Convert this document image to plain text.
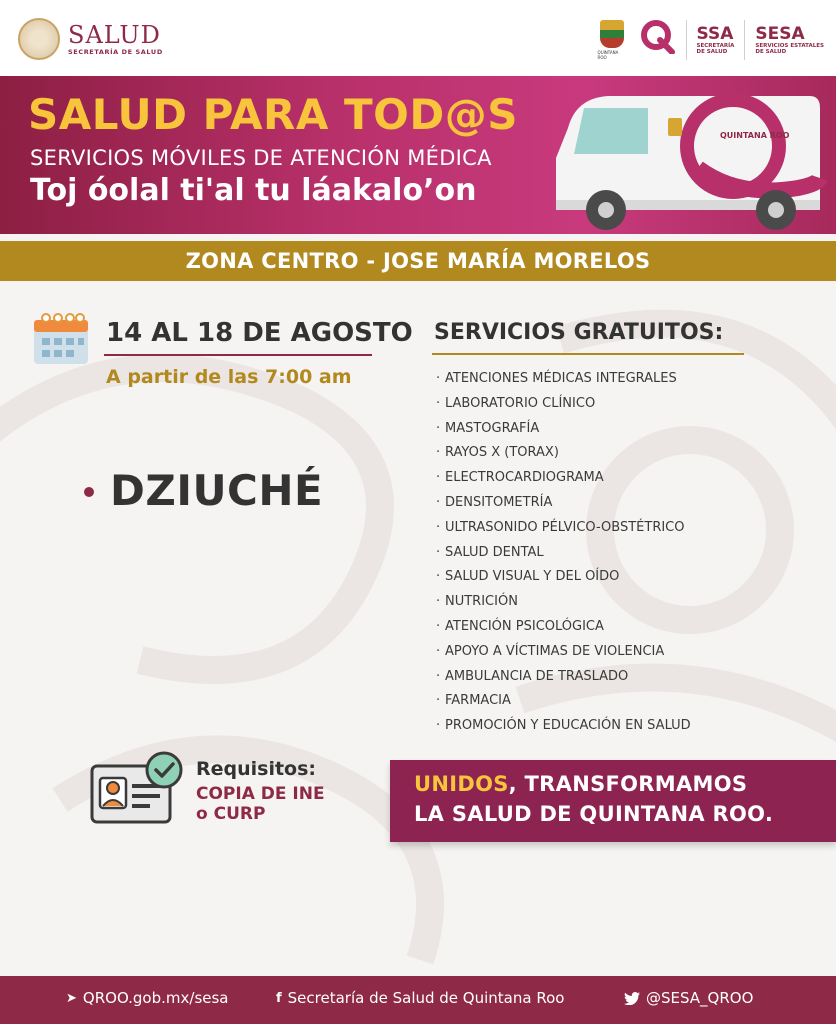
SALUD
SECRETARÍA DE SALUD	QUINTANA ROO
SSA
SECRETARÍA
DE SALUD
SESA
SERVICIOS ESTATALES
DE SALUD
SALUD PARA TOD@S
SERVICIOS MÓVILES DE ATENCIÓN MÉDICA
Toj óolal ti'al tu láakalo’on
QUINTANA ROO
ZONA CENTRO - JOSE MARÍA MORELOS
14 AL 18 DE AGOSTO
A partir de las 7:00 am
DZIUCHÉ
SERVICIOS GRATUITOS:
· ATENCIONES MÉDICAS INTEGRALES
· LABORATORIO CLÍNICO
· MASTOGRAFÍA
· RAYOS X (TORAX)
· ELECTROCARDIOGRAMA
· DENSITOMETRÍA
· ULTRASONIDO PÉLVICO-OBSTÉTRICO
· SALUD DENTAL
· SALUD VISUAL Y DEL OÍDO
· NUTRICIÓN
· ATENCIÓN PSICOLÓGICA
· APOYO A VÍCTIMAS DE VIOLENCIA
· AMBULANCIA DE TRASLADO
· FARMACIA
· PROMOCIÓN Y EDUCACIÓN EN SALUD
Requisitos:
COPIA DE INE
o CURP
UNIDOS, TRANSFORMAMOS
LA SALUD DE QUINTANA ROO.
➤ QROO.gob.mx/sesa	f Secretaría de Salud de Quintana Roo	@SESA_QROO
